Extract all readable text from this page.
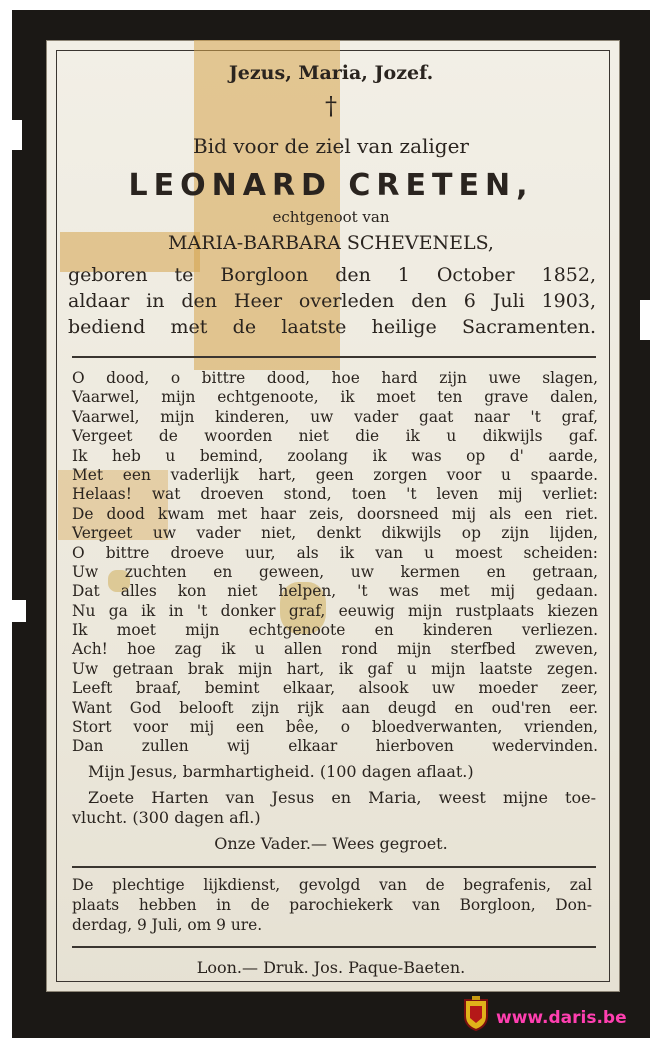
Jezus, Maria, Jozef.
†
Bid voor de ziel van zaliger
LEONARD CRETEN,
echtgenoot van
MARIA-BARBARA SCHEVENELS,
geboren te Borgloon den 1 October 1852,
aldaar in den Heer overleden den 6 Juli 1903,
bediend met de laatste heilige Sacramenten.
O dood, o bittre dood, hoe hard zijn uwe slagen,
Vaarwel, mijn echtgenoote, ik moet ten grave dalen,
Vaarwel, mijn kinderen, uw vader gaat naar 't graf,
Vergeet de woorden niet die ik u dikwijls gaf.
Ik heb u bemind, zoolang ik was op d' aarde,
Met een vaderlijk hart, geen zorgen voor u spaarde.
Helaas! wat droeven stond, toen 't leven mij verliet:
De dood kwam met haar zeis, doorsneed mij als een riet.
Vergeet uw vader niet, denkt dikwijls op zijn lijden,
O bittre droeve uur, als ik van u moest scheiden:
Uw zuchten en geween, uw kermen en getraan,
Dat alles kon niet helpen, 't was met mij gedaan.
Nu ga ik in 't donker graf, eeuwig mijn rustplaats kiezen
Ik moet mijn echtgenoote en kinderen verliezen.
Ach! hoe zag ik u allen rond mijn sterfbed zweven,
Uw getraan brak mijn hart, ik gaf u mijn laatste zegen.
Leeft braaf, bemint elkaar, alsook uw moeder zeer,
Want God belooft zijn rijk aan deugd en oud'ren eer.
Stort voor mij een bêe, o bloedverwanten, vrienden,
Dan zullen wij elkaar hierboven wedervinden.
Mijn Jesus, barmhartigheid. (100 dagen aflaat.)
Zoete Harten van Jesus en Maria, weest mijne toe-
vlucht. (300 dagen afl.)
Onze Vader.— Wees gegroet.
De plechtige lijkdienst, gevolgd van de begrafenis, zal
plaats hebben in de parochiekerk van Borgloon, Don-
derdag, 9 Juli, om 9 ure.
Loon.— Druk. Jos. Paque-Baeten.
www.daris.be
